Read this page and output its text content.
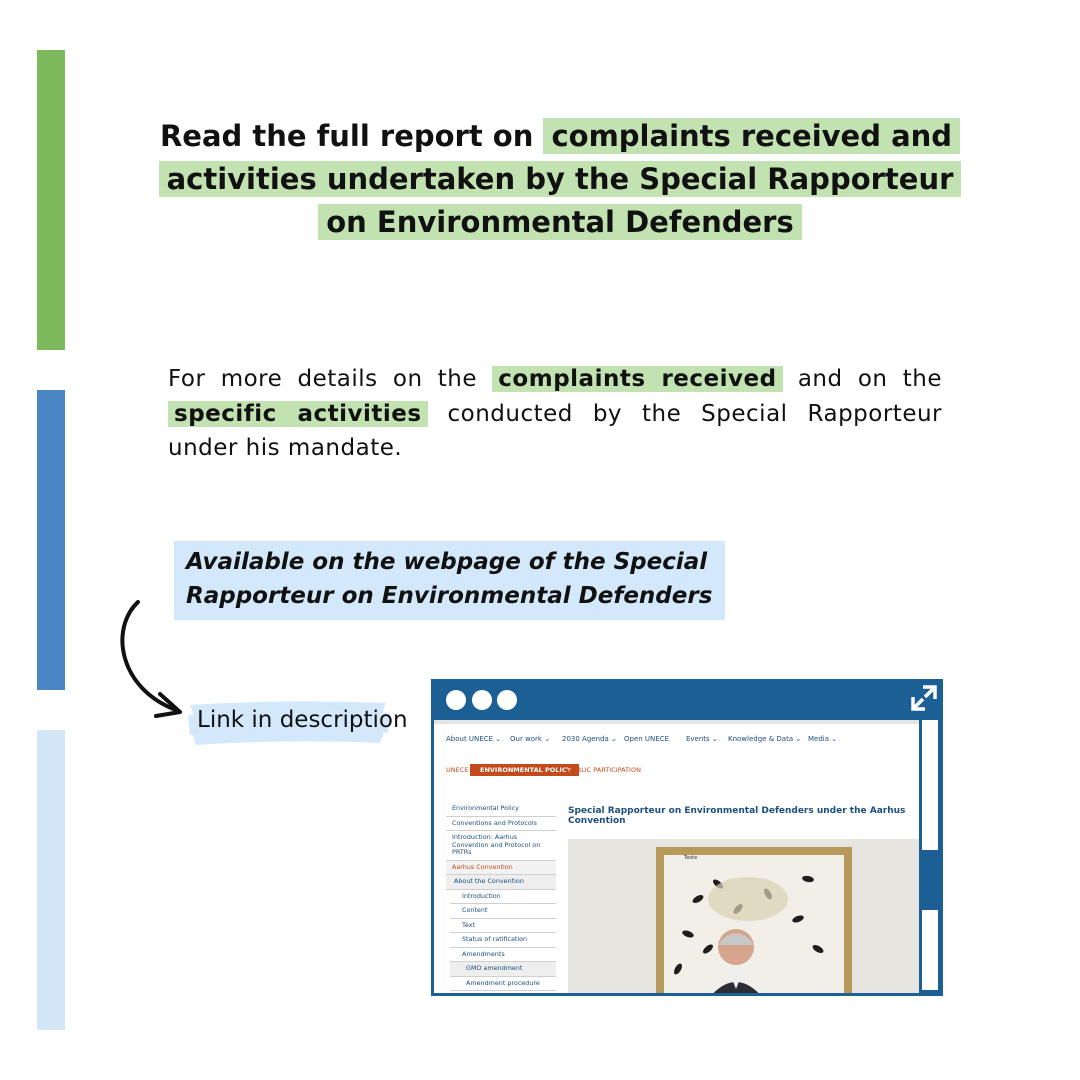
Read the full report on complaints received and activities undertaken by the Special Rapporteur on Environmental Defenders
For more details on the complaints received and on the specific activities conducted by the Special Rapporteur under his mandate.
Available on the webpage of the Special Rapporteur on Environmental Defenders
Link in description
About UNECE ⌄ Our work ⌄ 2030 Agenda ⌄ Open UNECE Events ⌄ Knowledge & Data ⌄ Media ⌄
UNECE	ENVIRONMENTAL POLICY
PUBLIC PARTICIPATION
Environmental Policy
Conventions and Protocols
Introduction: Aarhus Convention and Protocol on PRTRs
Aarhus Convention
About the Convention
Introduction
Content
Text
Status of ratification
Amendments
GMO amendment
Amendment procedure
Special Rapporteur on Environmental Defenders under the Aarhus Convention
Texte
